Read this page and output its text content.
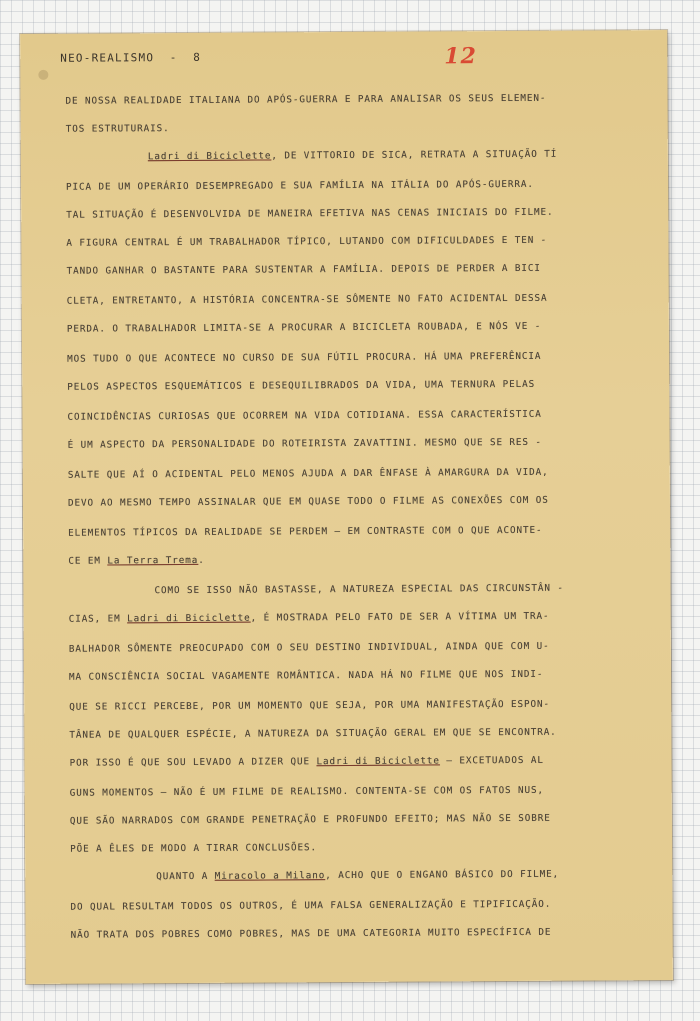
NEO-REALISMO  -  8	12
DE NOSSA REALIDADE ITALIANA DO APÓS-GUERRA E PARA ANALISAR OS SEUS ELEMEN-
TOS ESTRUTURAIS.
Ladri di Biciclette, DE VITTORIO DE SICA, RETRATA A SITUAÇÃO TÍ
PICA DE UM OPERÁRIO DESEMPREGADO E SUA FAMÍLIA NA ITÁLIA DO APÓS-GUERRA.
TAL SITUAÇÃO É DESENVOLVIDA DE MANEIRA EFETIVA NAS CENAS INICIAIS DO FILME.
A FIGURA CENTRAL É UM TRABALHADOR TÍPICO, LUTANDO COM DIFICULDADES E TEN -
TANDO GANHAR O BASTANTE PARA SUSTENTAR A FAMÍLIA. DEPOIS DE PERDER A BICI
CLETA, ENTRETANTO, A HISTÓRIA CONCENTRA-SE SÔMENTE NO FATO ACIDENTAL DESSA
PERDA. O TRABALHADOR LIMITA-SE A PROCURAR A BICICLETA ROUBADA, E NÓS VE -
MOS TUDO O QUE ACONTECE NO CURSO DE SUA FÚTIL PROCURA. HÁ UMA PREFERÊNCIA
PELOS ASPECTOS ESQUEMÁTICOS E DESEQUILIBRADOS DA VIDA, UMA TERNURA PELAS
COINCIDÊNCIAS CURIOSAS QUE OCORREM NA VIDA COTIDIANA. ESSA CARACTERÍSTICA
É UM ASPECTO DA PERSONALIDADE DO ROTEIRISTA ZAVATTINI. MESMO QUE SE RES -
SALTE QUE AÍ O ACIDENTAL PELO MENOS AJUDA A DAR ÊNFASE À AMARGURA DA VIDA,
DEVO AO MESMO TEMPO ASSINALAR QUE EM QUASE TODO O FILME AS CONEXÕES COM OS
ELEMENTOS TÍPICOS DA REALIDADE SE PERDEM — EM CONTRASTE COM O QUE ACONTE-
CE EM La Terra Trema.
COMO SE ISSO NÃO BASTASSE, A NATUREZA ESPECIAL DAS CIRCUNSTÂN -
CIAS, EM Ladri di Biciclette, É MOSTRADA PELO FATO DE SER A VÍTIMA UM TRA-
BALHADOR SÔMENTE PREOCUPADO COM O SEU DESTINO INDIVIDUAL, AINDA QUE COM U-
MA CONSCIÊNCIA SOCIAL VAGAMENTE ROMÂNTICA. NADA HÁ NO FILME QUE NOS INDI-
QUE SE RICCI PERCEBE, POR UM MOMENTO QUE SEJA, POR UMA MANIFESTAÇÃO ESPON-
TÂNEA DE QUALQUER ESPÉCIE, A NATUREZA DA SITUAÇÃO GERAL EM QUE SE ENCONTRA.
POR ISSO É QUE SOU LEVADO A DIZER QUE Ladri di Biciclette — EXCETUADOS AL
GUNS MOMENTOS — NÃO É UM FILME DE REALISMO. CONTENTA-SE COM OS FATOS NUS,
QUE SÃO NARRADOS COM GRANDE PENETRAÇÃO E PROFUNDO EFEITO; MAS NÃO SE SOBRE
PÕE A ÊLES DE MODO A TIRAR CONCLUSÕES.
QUANTO A Miracolo a Milano, ACHO QUE O ENGANO BÁSICO DO FILME,
DO QUAL RESULTAM TODOS OS OUTROS, É UMA FALSA GENERALIZAÇÃO E TIPIFICAÇÃO.
NÃO TRATA DOS POBRES COMO POBRES, MAS DE UMA CATEGORIA MUITO ESPECÍFICA DE
